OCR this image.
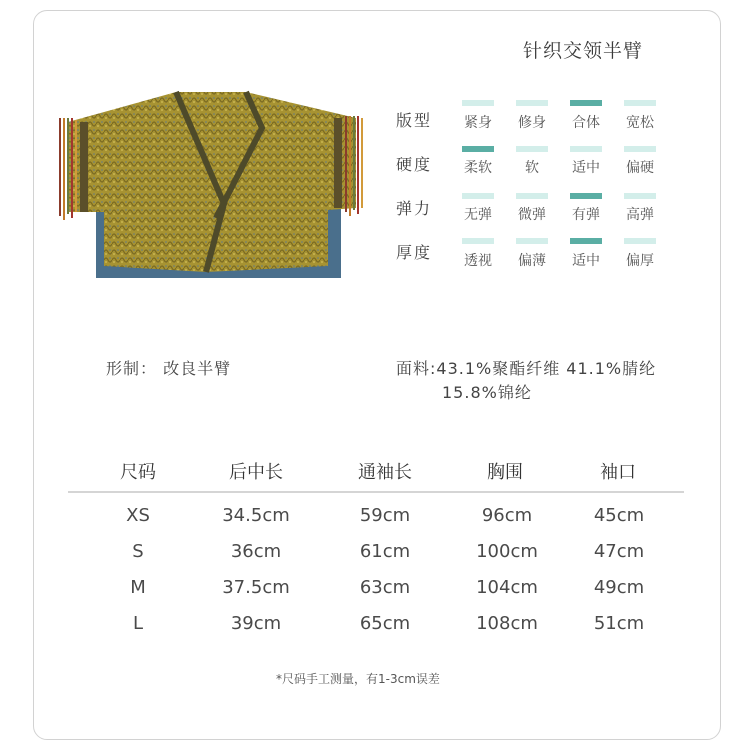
针织交领半臂
版型 紧身 修身 合体 宽松
硬度 柔软	软	适中 偏硬
弹力 无弹 微弹 有弹 高弹
厚度 透视 偏薄 适中 偏厚
形制： 改良半臂	面料:43.1%聚酯纤维 41.1%腈纶
15.8%锦纶
尺码	后中长	通袖长	胸围	袖口
XS	34.5cm	59cm	96cm	45cm
S	36cm	61cm	100cm	47cm
M	37.5cm	63cm	104cm	49cm
L	39cm	65cm	108cm	51cm
*尺码手工测量，有1-3cm误差
